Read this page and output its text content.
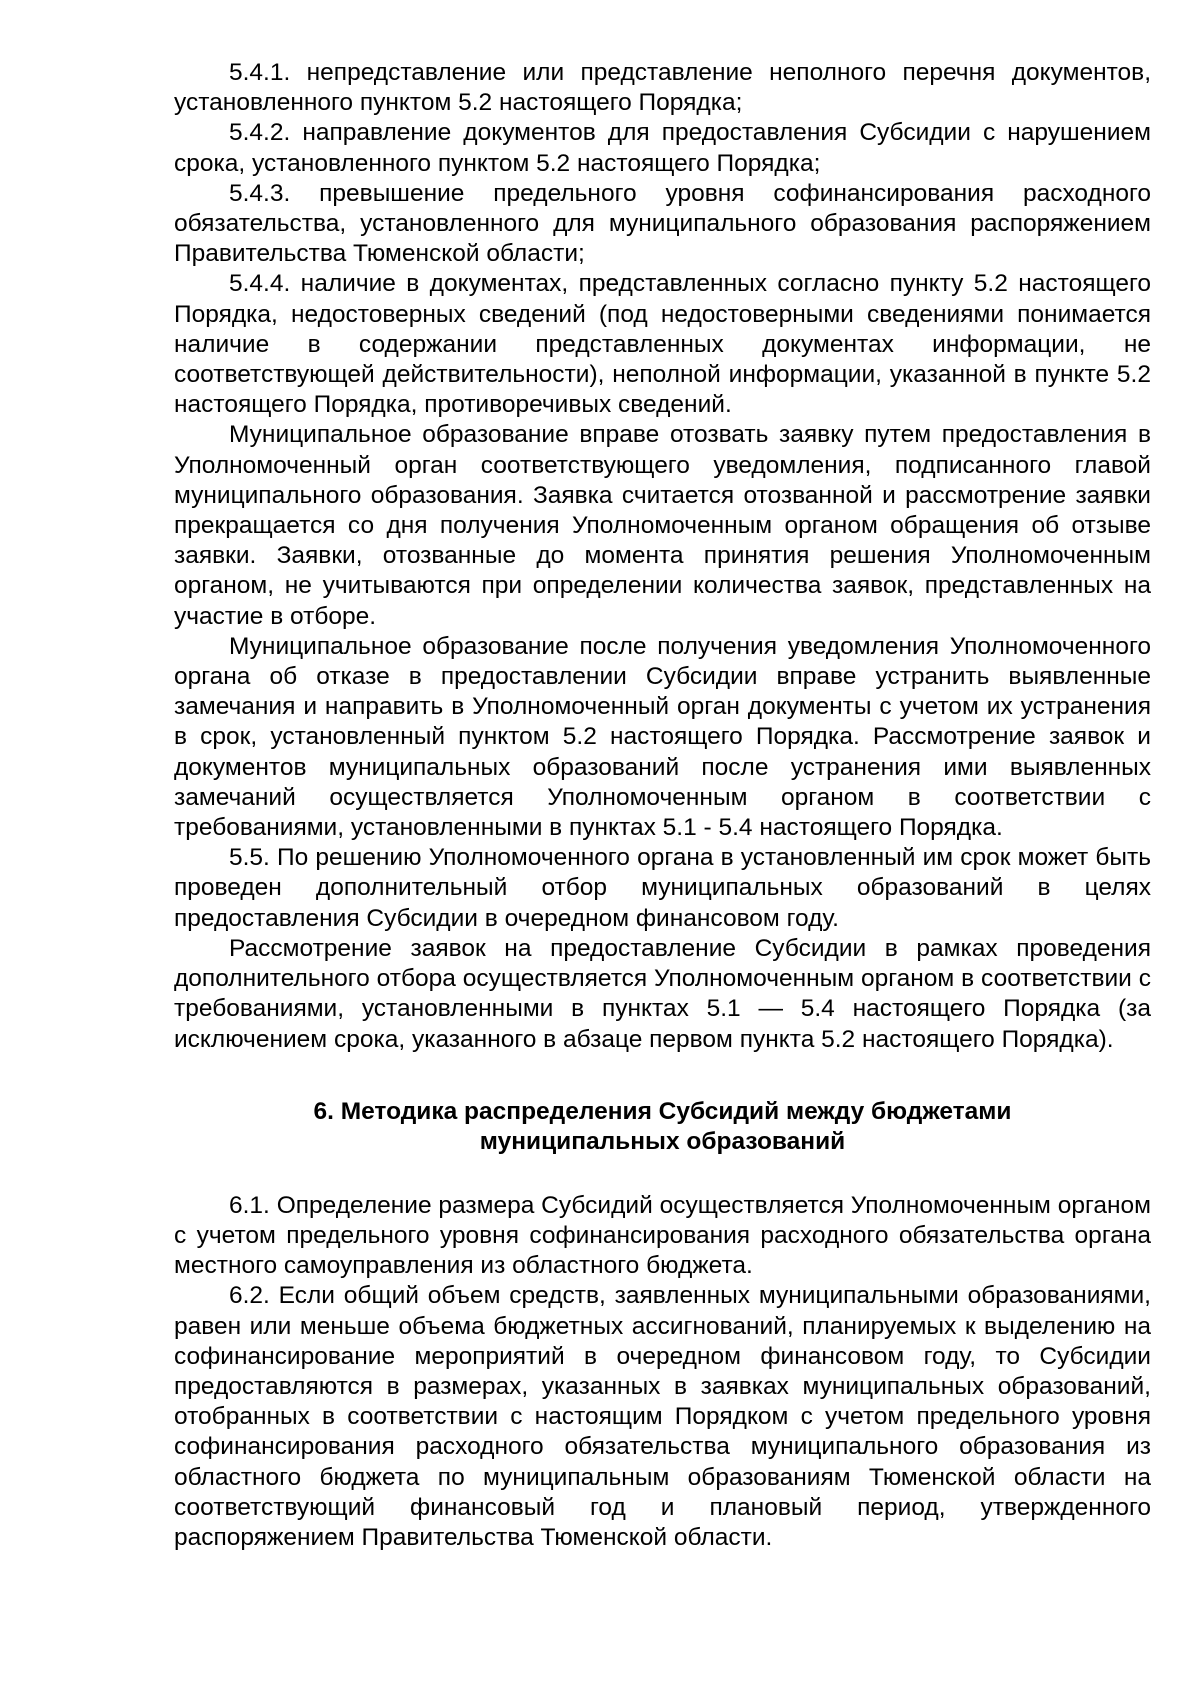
5.4.1. непредставление или представление неполного перечня документов, установленного пунктом 5.2 настоящего Порядка;

5.4.2. направление документов для предоставления Субсидии с нарушением срока, установленного пунктом 5.2 настоящего Порядка;

5.4.3. превышение предельного уровня софинансирования расходного обязательства, установленного для муниципального образования распоряжением Правительства Тюменской области;

5.4.4. наличие в документах, представленных согласно пункту 5.2 настоящего Порядка, недостоверных сведений (под недостоверными сведениями понимается наличие в содержании представленных документах информации, не соответствующей действительности), неполной информации, указанной в пункте 5.2 настоящего Порядка, противоречивых сведений.

Муниципальное образование вправе отозвать заявку путем предоставления в Уполномоченный орган соответствующего уведомления, подписанного главой муниципального образования. Заявка считается отозванной и рассмотрение заявки прекращается со дня получения Уполномоченным органом обращения об отзыве заявки. Заявки, отозванные до момента принятия решения Уполномоченным органом, не учитываются при определении количества заявок, представленных на участие в отборе.

Муниципальное образование после получения уведомления Уполномоченного органа об отказе в предоставлении Субсидии вправе устранить выявленные замечания и направить в Уполномоченный орган документы с учетом их устранения в срок, установленный пунктом 5.2 настоящего Порядка. Рассмотрение заявок и документов муниципальных образований после устранения ими выявленных замечаний осуществляется Уполномоченным органом в соответствии с требованиями, установленными в пунктах 5.1 - 5.4 настоящего Порядка.

5.5. По решению Уполномоченного органа в установленный им срок может быть проведен дополнительный отбор муниципальных образований в целях предоставления Субсидии в очередном финансовом году.

Рассмотрение заявок на предоставление Субсидии в рамках проведения дополнительного отбора осуществляется Уполномоченным органом в соответствии с требованиями, установленными в пунктах 5.1 — 5.4 настоящего Порядка (за исключением срока, указанного в абзаце первом пункта 5.2 настоящего Порядка).

6. Методика распределения Субсидий между бюджетами
муниципальных образований

6.1. Определение размера Субсидий осуществляется Уполномоченным органом с учетом предельного уровня софинансирования расходного обязательства органа местного самоуправления из областного бюджета.

6.2. Если общий объем средств, заявленных муниципальными образованиями, равен или меньше объема бюджетных ассигнований, планируемых к выделению на софинансирование мероприятий в очередном финансовом году, то Субсидии предоставляются в размерах, указанных в заявках муниципальных образований, отобранных в соответствии с настоящим Порядком с учетом предельного уровня софинансирования расходного обязательства муниципального образования из областного бюджета по муниципальным образованиям Тюменской области на соответствующий финансовый год и плановый период, утвержденного распоряжением Правительства Тюменской области.
